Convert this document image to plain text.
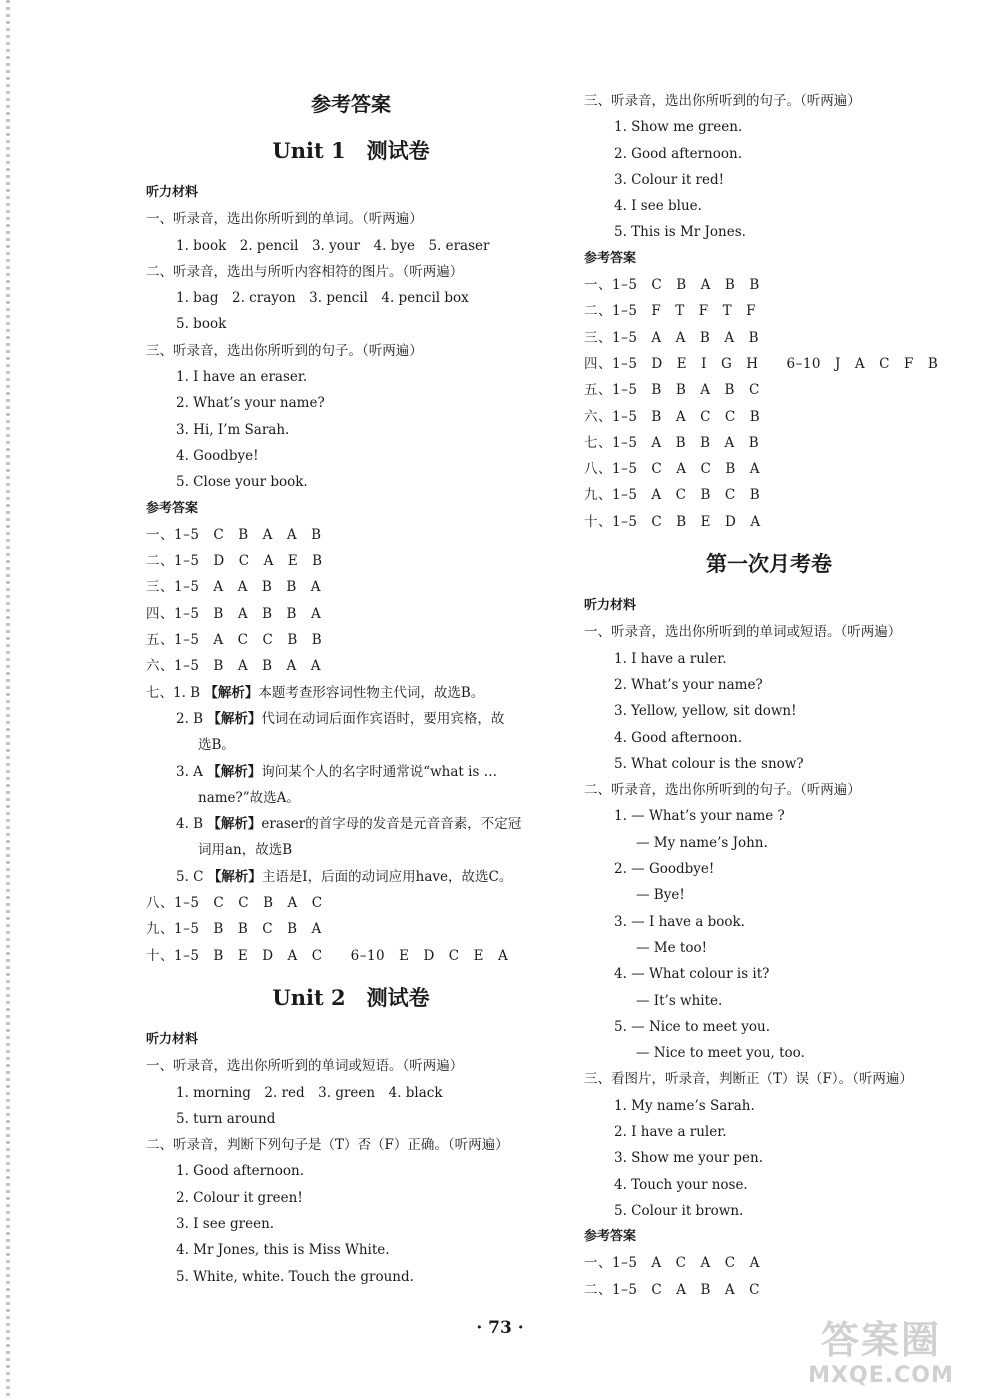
参考答案
Unit 1　测试卷
听力材料
一、听录音，选出你所听到的单词。（听两遍）
1. book　2. pencil　3. your　4. bye　5. eraser
二、听录音，选出与所听内容相符的图片。（听两遍）
1. bag　2. crayon　3. pencil　4. pencil box
5. book
三、听录音，选出你所听到的句子。（听两遍）
1. I have an eraser.
2. What’s your name?
3. Hi, I’m Sarah.
4. Goodbye!
5. Close your book.
参考答案
一、1–5　C　B　A　A　B
二、1–5　D　C　A　E　B
三、1–5　A　A　B　B　A
四、1–5　B　A　B　B　A
五、1–5　A　C　C　B　B
六、1–5　B　A　B　A　A
七、1. B 【解析】本题考查形容词性物主代词，故选B。
2. B 【解析】代词在动词后面作宾语时，要用宾格，故
选B。
3. A 【解析】询问某个人的名字时通常说“what is …
name?”故选A。
4. B 【解析】eraser的首字母的发音是元音音素，不定冠
词用an，故选B
5. C 【解析】主语是I，后面的动词应用have，故选C。
八、1–5　C　C　B　A　C
九、1–5　B　B　C　B　A
十、1–5　B　E　D　A　C　　6–10　E　D　C　E　A
Unit 2　测试卷
听力材料
一、听录音，选出你所听到的单词或短语。（听两遍）
1. morning　2. red　3. green　4. black
5. turn around
二、听录音，判断下列句子是（T）否（F）正确。（听两遍）
1. Good afternoon.
2. Colour it green!
3. I see green.
4. Mr Jones, this is Miss White.
5. White, white. Touch the ground.
三、听录音，选出你所听到的句子。（听两遍）
1. Show me green.
2. Good afternoon.
3. Colour it red!
4. I see blue.
5. This is Mr Jones.
参考答案
一、1–5　C　B　A　B　B
二、1–5　F　T　F　T　F
三、1–5　A　A　B　A　B
四、1–5　D　E　I　G　H　　6–10　J　A　C　F　B
五、1–5　B　B　A　B　C
六、1–5　B　A　C　C　B
七、1–5　A　B　B　A　B
八、1–5　C　A　C　B　A
九、1–5　A　C　B　C　B
十、1–5　C　B　E　D　A
第一次月考卷
听力材料
一、听录音，选出你所听到的单词或短语。（听两遍）
1. I have a ruler.
2. What’s your name?
3. Yellow, yellow, sit down!
4. Good afternoon.
5. What colour is the snow?
二、听录音，选出你所听到的句子。（听两遍）
1. — What’s your name ?
— My name’s John.
2. — Goodbye!
— Bye!
3. — I have a book.
— Me too!
4. — What colour is it?
— It’s white.
5. — Nice to meet you.
— Nice to meet you, too.
三、看图片，听录音，判断正（T）误（F）。（听两遍）
1. My name’s Sarah.
2. I have a ruler.
3. Show me your pen.
4. Touch your nose.
5. Colour it brown.
参考答案
一、1–5　A　C　A　C　A
二、1–5　C　A　B　A　C
· 73 ·	答案圈
MXQE.COM
